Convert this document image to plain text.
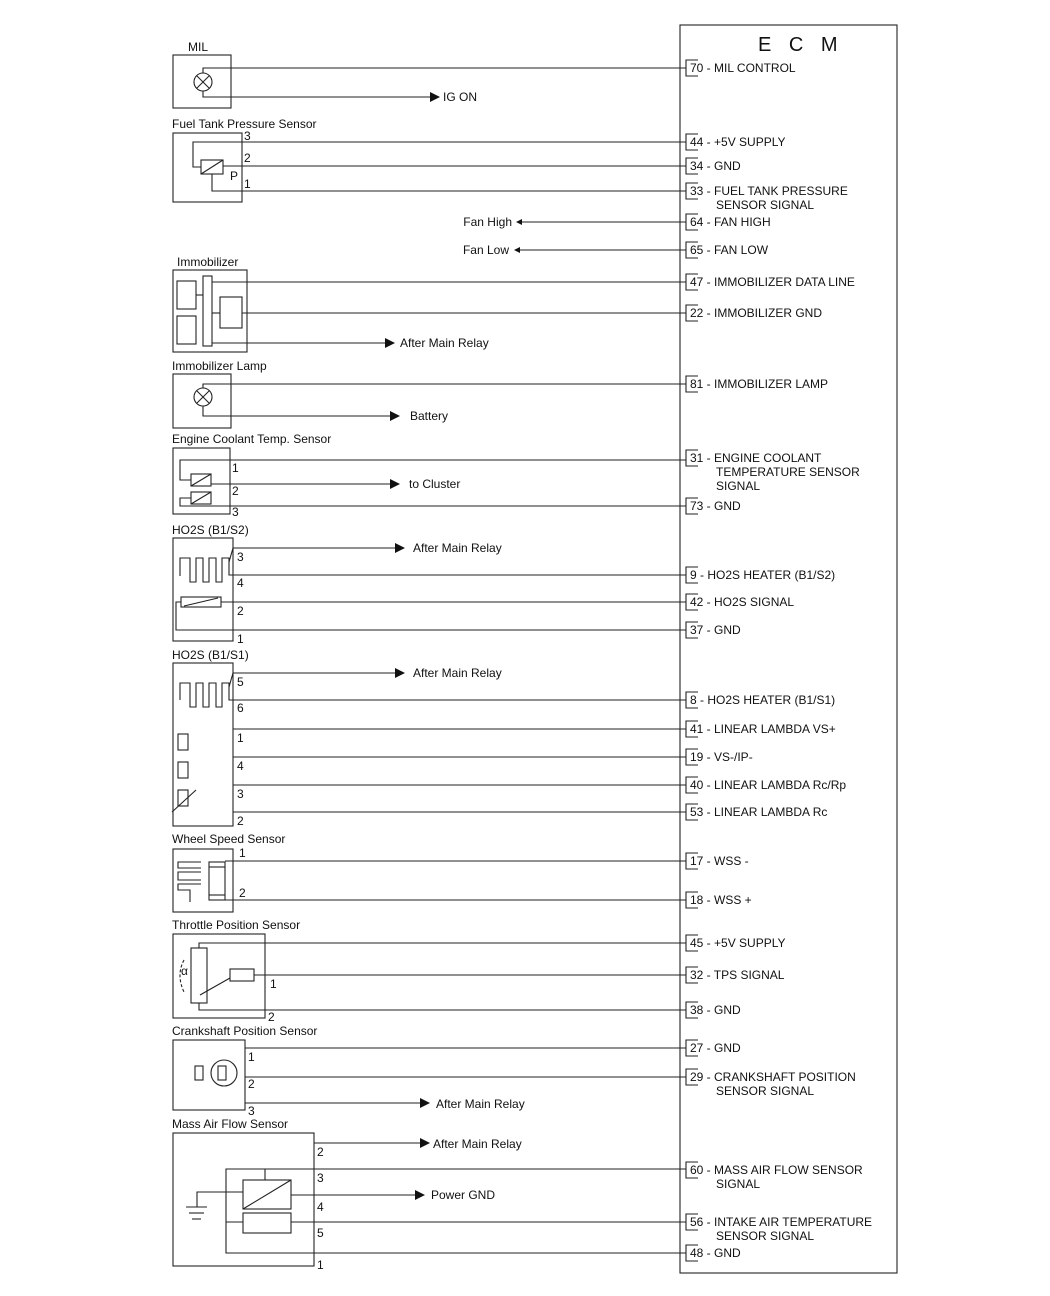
E C M
70 - MIL CONTROL
44 - +5V SUPPLY
34 - GND
33 - FUEL TANK PRESSURE
SENSOR SIGNAL
64 - FAN HIGH
65 - FAN LOW
47 - IMMOBILIZER DATA LINE
22 - IMMOBILIZER GND
81 - IMMOBILIZER LAMP
31 - ENGINE COOLANT
TEMPERATURE SENSOR
SIGNAL
73 - GND
9 - HO2S HEATER (B1/S2)
42 - HO2S SIGNAL
37 - GND
8 - HO2S HEATER (B1/S1)
41 - LINEAR LAMBDA VS+
19 - VS-/IP-
40 - LINEAR LAMBDA Rc/Rp
53 - LINEAR LAMBDA Rc
17 - WSS -
18 - WSS +
45 - +5V SUPPLY
32 - TPS SIGNAL
38 - GND
27 - GND
29 - CRANKSHAFT POSITION
SENSOR SIGNAL
60 - MASS AIR FLOW SENSOR
SIGNAL
56 - INTAKE AIR TEMPERATURE
SENSOR SIGNAL
48 - GND
MIL
IG ON
Fuel Tank Pressure Sensor
P
3
2
1
Fan High
Fan Low
Immobilizer
After Main Relay
Immobilizer Lamp
Battery
Engine Coolant Temp. Sensor
to Cluster
1
2
3
HO2S (B1/S2)
After Main Relay
3
4
2
1
HO2S (B1/S1)
After Main Relay
5
6
1
4
3
2
Wheel Speed Sensor
1
2
Throttle Position Sensor
α
1
2
Crankshaft Position Sensor
After Main Relay
1
2
3
Mass Air Flow Sensor
After Main Relay
Power GND
2
3
4
5
1
